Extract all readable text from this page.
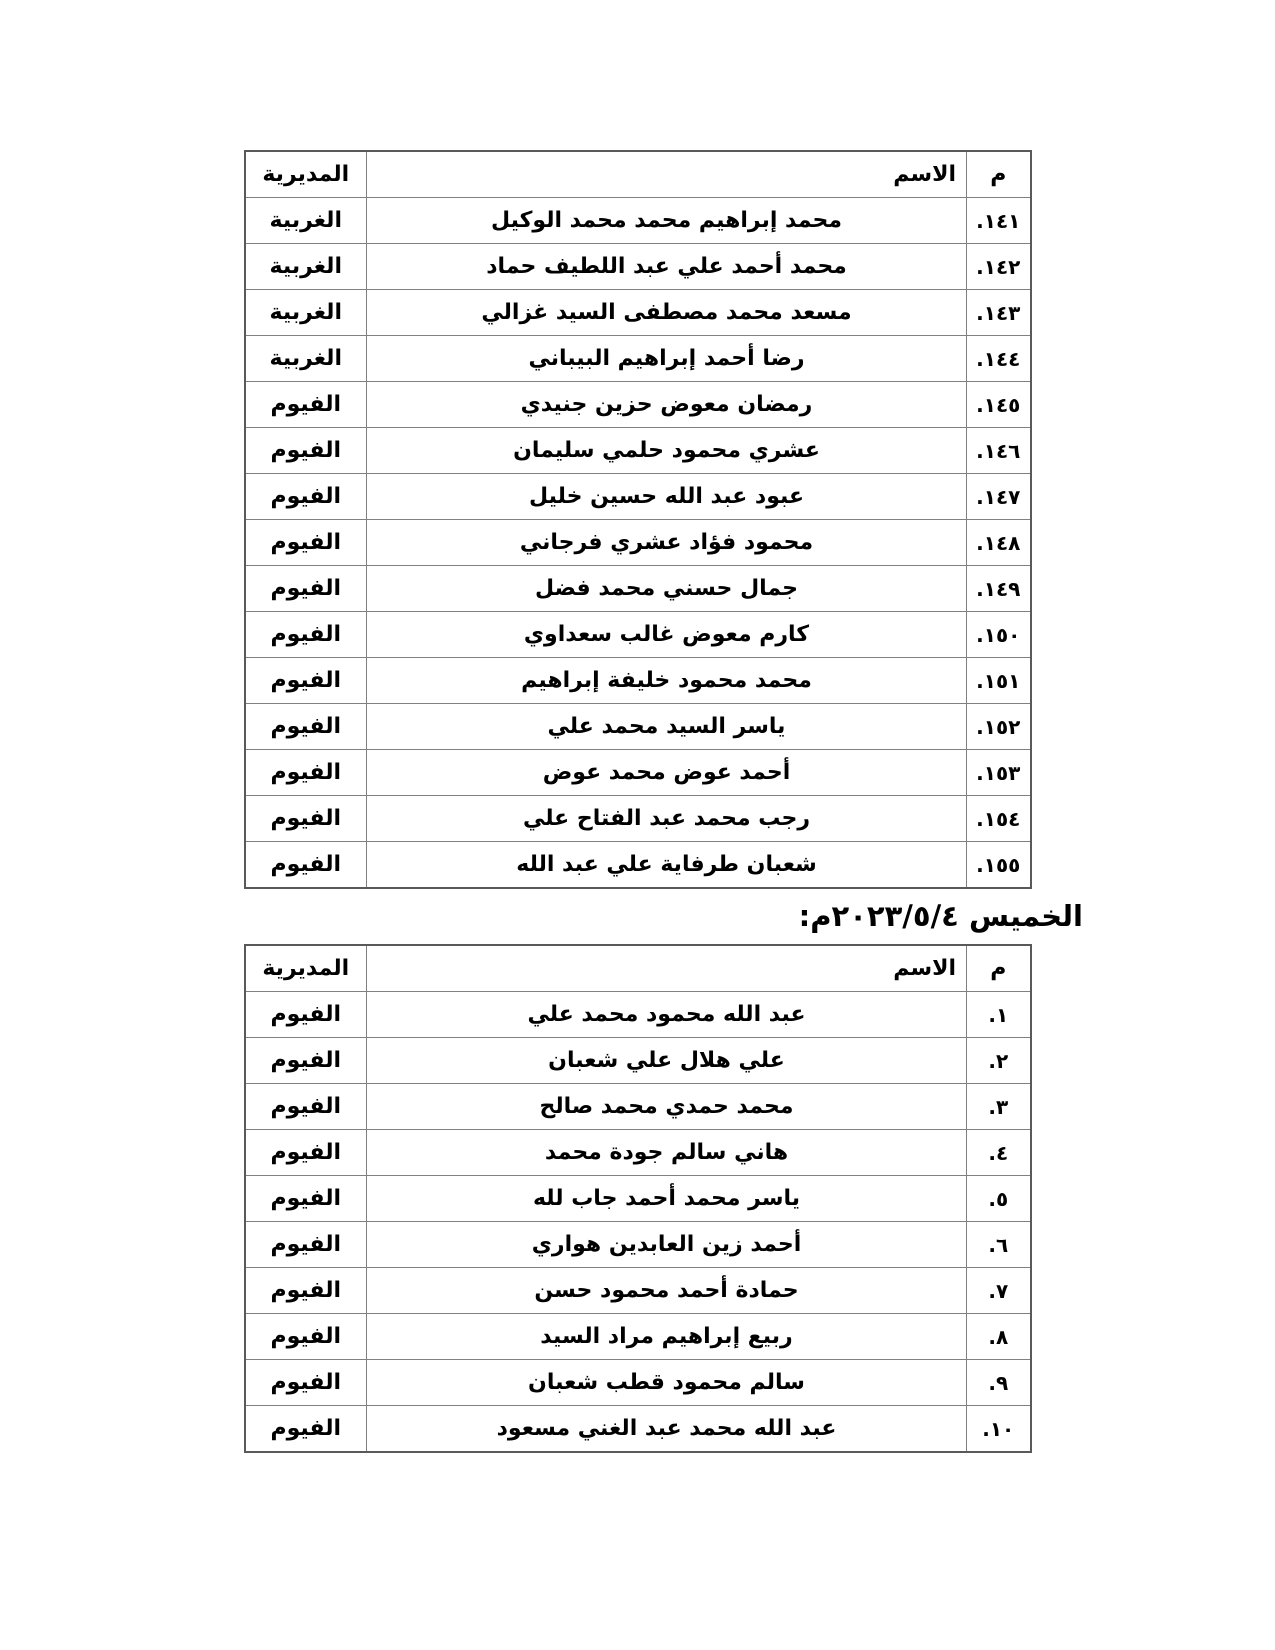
م	الاسم	المديرية
١٤١.	محمد إبراهيم محمد محمد الوكيل	الغربية
١٤٢.	محمد أحمد علي عبد اللطيف حماد	الغربية
١٤٣.	مسعد محمد مصطفى السيد غزالي	الغربية
١٤٤.	رضا أحمد إبراهيم البيباني	الغربية
١٤٥.	رمضان معوض حزين جنيدي	الفيوم
١٤٦.	عشري محمود حلمي سليمان	الفيوم
١٤٧.	عبود عبد الله حسين خليل	الفيوم
١٤٨.	محمود فؤاد عشري فرجاني	الفيوم
١٤٩.	جمال حسني محمد فضل	الفيوم
١٥٠.	كارم معوض غالب سعداوي	الفيوم
١٥١.	محمد محمود خليفة إبراهيم	الفيوم
١٥٢.	ياسر السيد محمد علي	الفيوم
١٥٣.	أحمد عوض محمد عوض	الفيوم
١٥٤.	رجب محمد عبد الفتاح علي	الفيوم
١٥٥.	شعبان طرفاية علي عبد الله	الفيوم
الخميس ٢٠٢٣/٥/٤م:
م	الاسم	المديرية
١.	عبد الله محمود محمد علي	الفيوم
٢.	علي هلال علي شعبان	الفيوم
٣.	محمد حمدي محمد صالح	الفيوم
٤.	هاني سالم جودة محمد	الفيوم
٥.	ياسر محمد أحمد جاب لله	الفيوم
٦.	أحمد زين العابدين هواري	الفيوم
٧.	حمادة أحمد محمود حسن	الفيوم
٨.	ربيع إبراهيم مراد السيد	الفيوم
٩.	سالم محمود قطب شعبان	الفيوم
١٠.	عبد الله محمد عبد الغني مسعود	الفيوم
